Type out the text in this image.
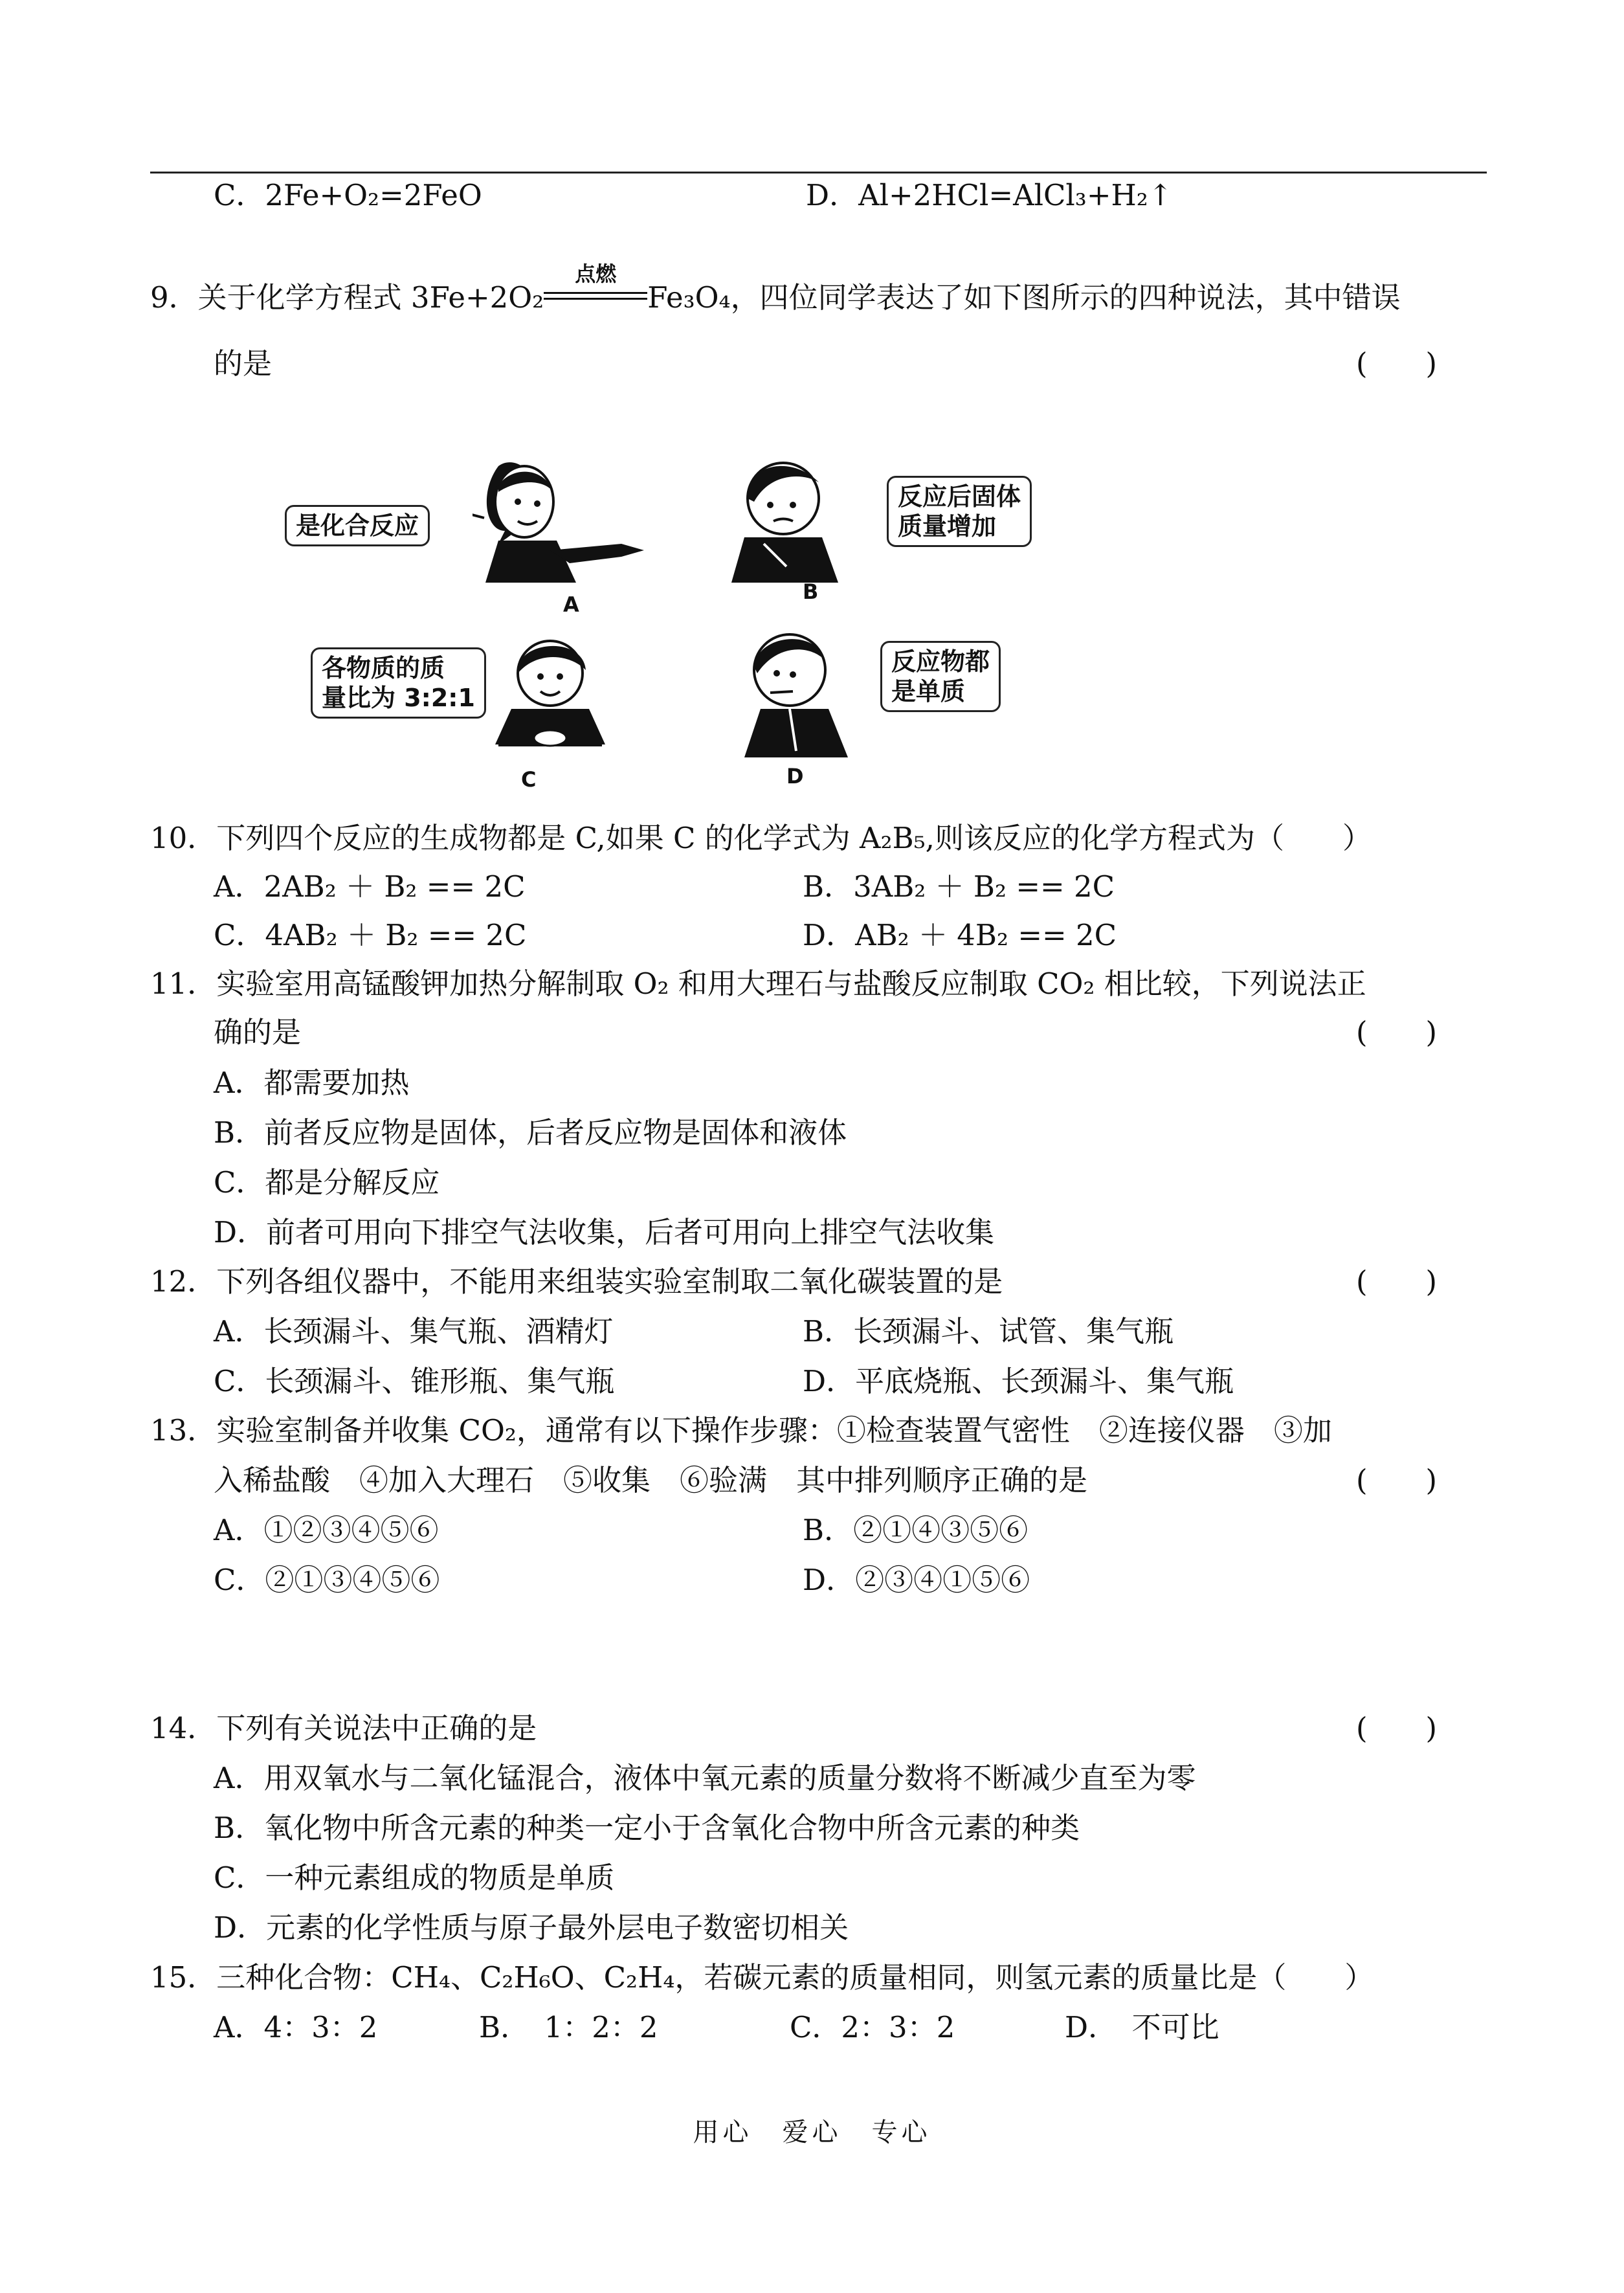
C．2Fe+O₂=2FeO	D．Al+2HCl=AlCl₃+H₂↑
9．关于化学方程式 3Fe+2O₂
点燃
Fe₃O₄，四位同学表达了如下图所示的四种说法，其中错误
的是	(　　)
是化合反应
A
反应后固体
质量增加
B
各物质的质
量比为 3:2:1
C
反应物都
是单质
D
10．下列四个反应的生成物都是 C,如果 C 的化学式为 A₂B₅,则该反应的化学方程式为（　　）
A．2AB₂ ＋ B₂ == 2C	B．3AB₂ ＋ B₂ == 2C
C．4AB₂ ＋ B₂ == 2C	D．AB₂ ＋ 4B₂ == 2C
11．实验室用高锰酸钾加热分解制取 O₂ 和用大理石与盐酸反应制取 CO₂ 相比较，下列说法正
确的是	(　　)
A．都需要加热
B．前者反应物是固体，后者反应物是固体和液体
C．都是分解反应
D．前者可用向下排空气法收集，后者可用向上排空气法收集
12．下列各组仪器中，不能用来组装实验室制取二氧化碳装置的是	(　　)
A．长颈漏斗、集气瓶、酒精灯	B．长颈漏斗、试管、集气瓶
C．长颈漏斗、锥形瓶、集气瓶	D．平底烧瓶、长颈漏斗、集气瓶
13．实验室制备并收集 CO₂，通常有以下操作步骤：①检查装置气密性　②连接仪器　③加
入稀盐酸　④加入大理石　⑤收集　⑥验满　其中排列顺序正确的是	(　　)
A．①②③④⑤⑥	B．②①④③⑤⑥
C．②①③④⑤⑥	D．②③④①⑤⑥
14．下列有关说法中正确的是	(　　)
A．用双氧水与二氧化锰混合，液体中氧元素的质量分数将不断减少直至为零
B．氧化物中所含元素的种类一定小于含氧化合物中所含元素的种类
C．一种元素组成的物质是单质
D．元素的化学性质与原子最外层电子数密切相关
15．三种化合物：CH₄、C₂H₆O、C₂H₄，若碳元素的质量相同，则氢元素的质量比是（　　）
A．4：3：2	B．　1：2：2	C．2：3：2	D．　不可比
用心　爱心　专心
